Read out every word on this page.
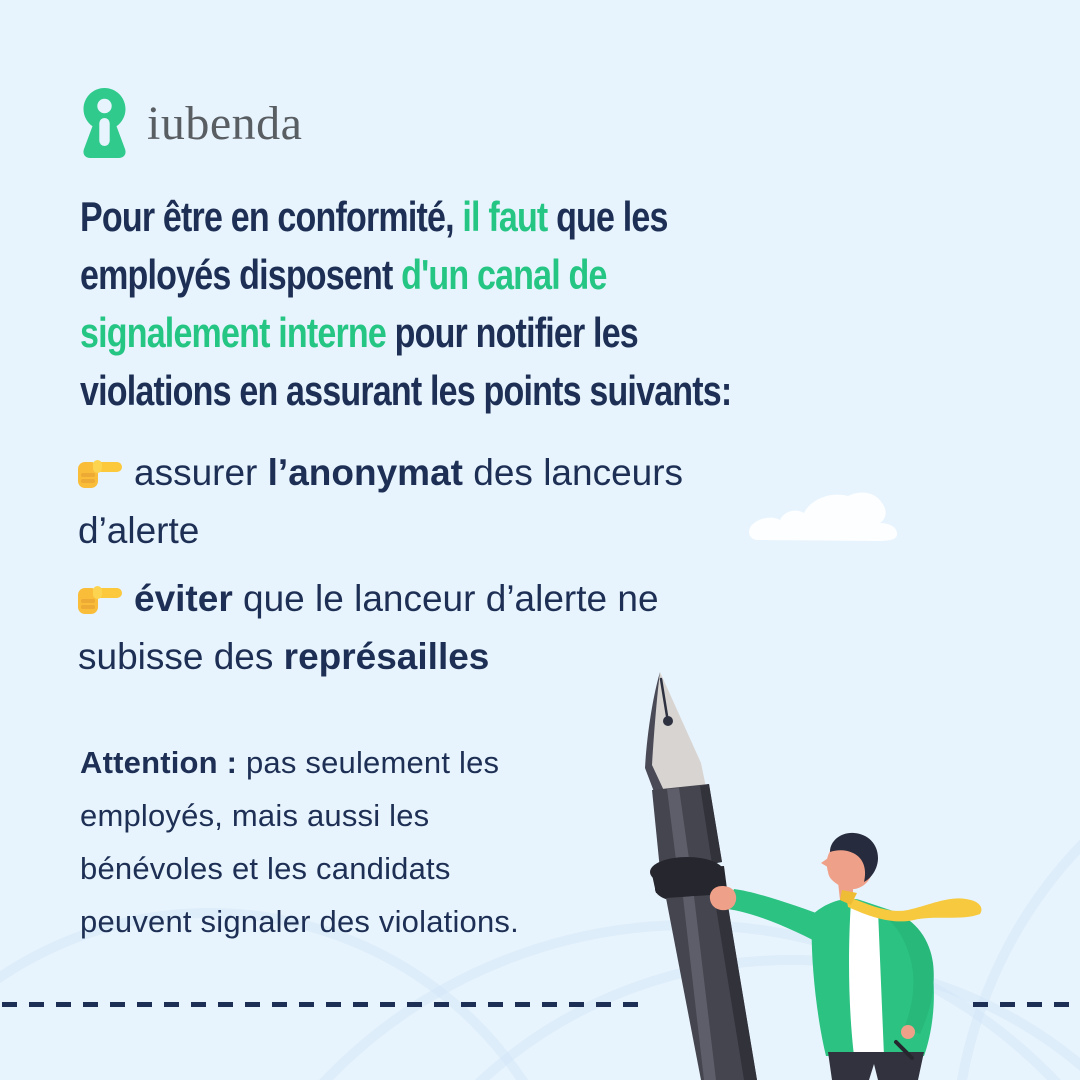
iubenda
Pour être en conformité, il faut que les
employés disposent d'un canal de
signalement interne pour notifier les
violations en assurant les points suivants:
assurer l’anonymat des lanceurs
d’alerte
éviter que le lanceur d’alerte ne
subisse des représailles

Attention : pas seulement les
employés, mais aussi les
bénévoles et les candidats
peuvent signaler des violations.
